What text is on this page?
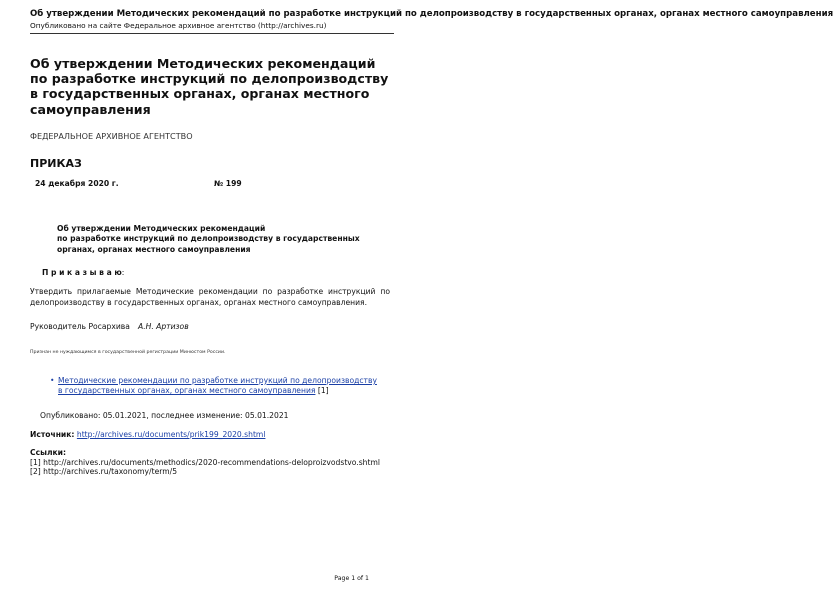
Об утверждении Методических рекомендаций по разработке инструкций по делопроизводству в государственных органах, органах местного самоуправления
Опубликовано на сайте Федеральное архивное агентство (http://archives.ru)
Об утверждении Методических рекомендаций по разработке инструкций по делопроизводству в государственных органах, органах местного самоуправления
ФЕДЕРАЛЬНОЕ АРХИВНОЕ АГЕНТСТВО
ПРИКАЗ
24 декабря 2020 г.	№ 199
Об утверждении Методических рекомендаций
по разработке инструкций по делопроизводству в государственных органах, органах местного самоуправления
П р и к а з ы в а ю:
Утвердить прилагаемые Методические рекомендации по разработке инструкций по делопроизводству в государственных органах, органах местного самоуправления.
Руководитель Росархива А.Н. Артизов
Признан не нуждающимся в государственной регистрации Минюстом России.
• Методические рекомендации по разработке инструкций по делопроизводству в государственных органах, органах местного самоуправления [1]
Опубликовано: 05.01.2021, последнее изменение: 05.01.2021
Источник: http://archives.ru/documents/prik199_2020.shtml
Ссылки:
[1] http://archives.ru/documents/methodics/2020-recommendations-deloproizvodstvo.shtml
[2] http://archives.ru/taxonomy/term/5
Page 1 of 1
